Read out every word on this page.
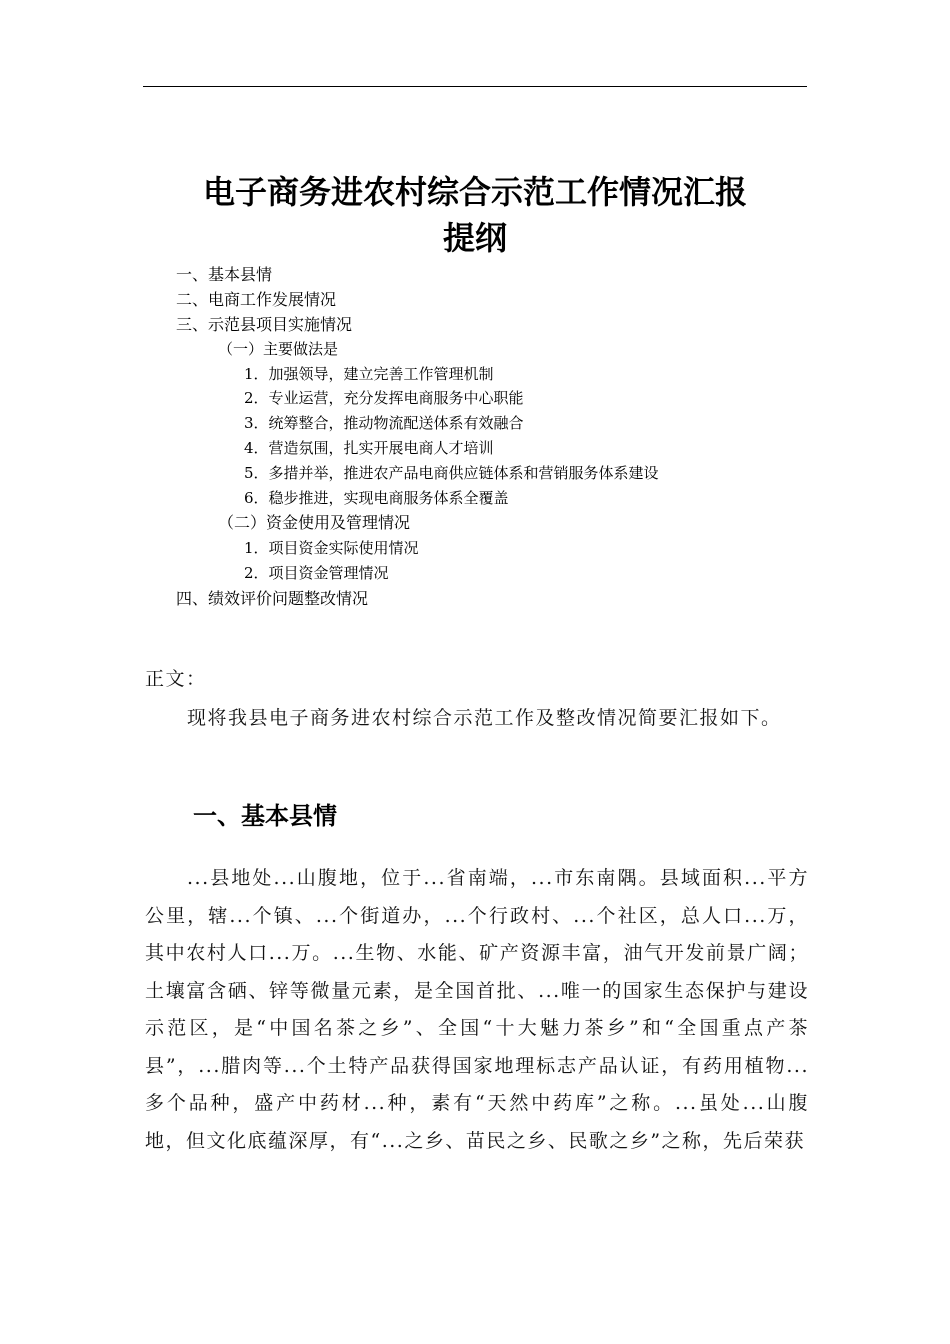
电子商务进农村综合示范工作情况汇报
提纲
一、基本县情
二、电商工作发展情况
三、示范县项目实施情况
（一）主要做法是
1．加强领导，建立完善工作管理机制
2．专业运营，充分发挥电商服务中心职能
3．统筹整合，推动物流配送体系有效融合
4．营造氛围，扎实开展电商人才培训
5．多措并举，推进农产品电商供应链体系和营销服务体系建设
6．稳步推进，实现电商服务体系全覆盖
（二）资金使用及管理情况
1．项目资金实际使用情况
2．项目资金管理情况
四、绩效评价问题整改情况
正文：

现将我县电子商务进农村综合示范工作及整改情况简要汇报如下。

一、基本县情

...县地处...山腹地，位于...省南端，...市东南隅。县域面积...平方公里，辖...个镇、...个街道办，...个行政村、...个社区，总人口...万，其中农村人口...万。...生物、水能、矿产资源丰富，油气开发前景广阔；土壤富含硒、锌等微量元素，是全国首批、...唯一的国家生态保护与建设示范区，是“中国名茶之乡”、全国“十大魅力茶乡”和“全国重点产茶县”，...腊肉等...个土特产品获得国家地理标志产品认证，有药用植物...多个品种，盛产中药材...种，素有“天然中药库”之称。...虽处...山腹地，但文化底蕴深厚，有“...之乡、苗民之乡、民歌之乡”之称，先后荣获
